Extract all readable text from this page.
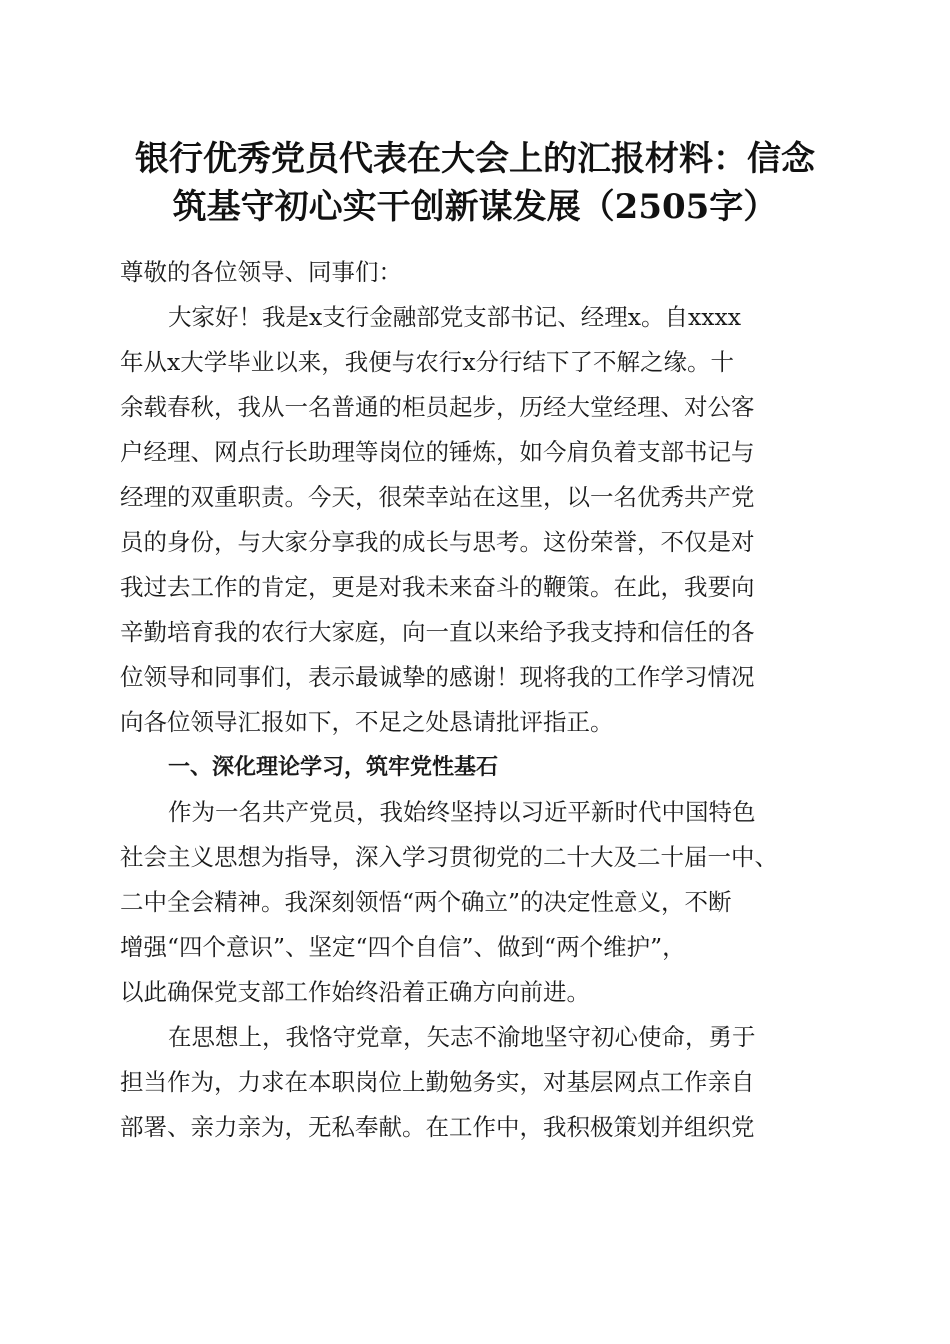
银行优秀党员代表在大会上的汇报材料：信念
筑基守初心实干创新谋发展（2505字）
尊敬的各位领导、同事们：
大家好！我是x支行金融部党支部书记、经理x。自xxxx
年从x大学毕业以来，我便与农行x分行结下了不解之缘。十
余载春秋，我从一名普通的柜员起步，历经大堂经理、对公客
户经理、网点行长助理等岗位的锤炼，如今肩负着支部书记与
经理的双重职责。今天，很荣幸站在这里，以一名优秀共产党
员的身份，与大家分享我的成长与思考。这份荣誉，不仅是对
我过去工作的肯定，更是对我未来奋斗的鞭策。在此，我要向
辛勤培育我的农行大家庭，向一直以来给予我支持和信任的各
位领导和同事们，表示最诚挚的感谢！现将我的工作学习情况
向各位领导汇报如下，不足之处恳请批评指正。
一、深化理论学习，筑牢党性基石
作为一名共产党员，我始终坚持以习近平新时代中国特色
社会主义思想为指导，深入学习贯彻党的二十大及二十届一中、
二中全会精神。我深刻领悟“两个确立”的决定性意义，不断
增强“四个意识”、坚定“四个自信”、做到“两个维护”，
以此确保党支部工作始终沿着正确方向前进。
在思想上，我恪守党章，矢志不渝地坚守初心使命，勇于
担当作为，力求在本职岗位上勤勉务实，对基层网点工作亲自
部署、亲力亲为，无私奉献。在工作中，我积极策划并组织党
